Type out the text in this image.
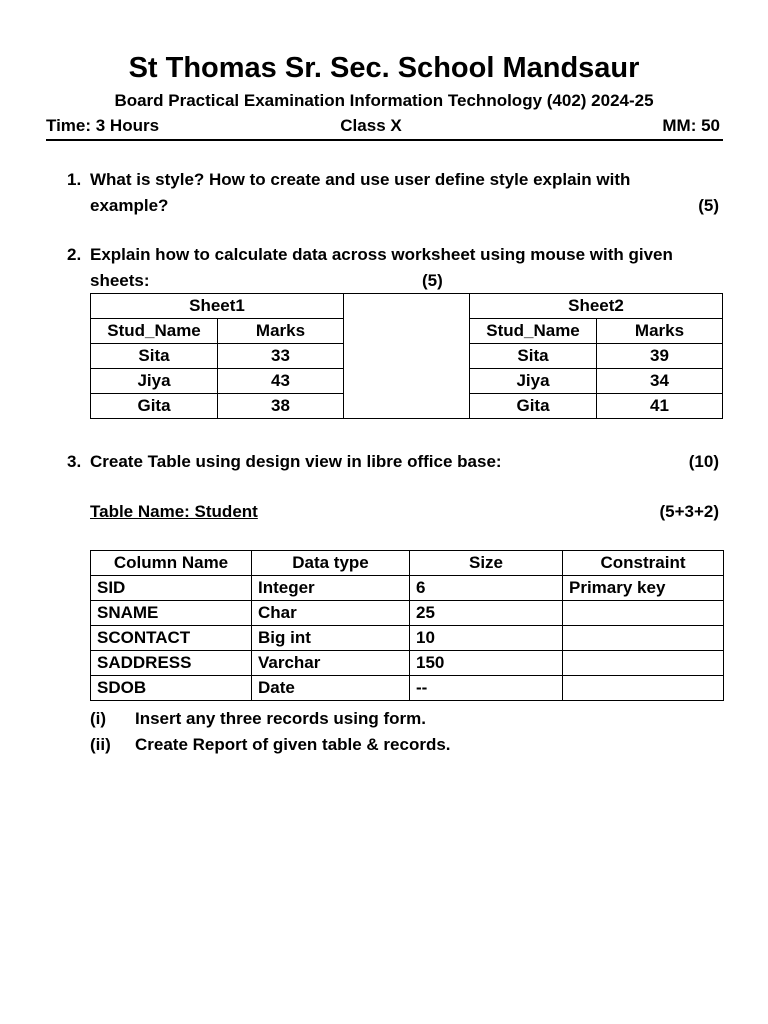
St Thomas Sr. Sec. School Mandsaur
Board Practical Examination Information Technology (402) 2024-25
Time: 3 Hours	Class X	MM: 50
1. What is style? How to create and use user define style explain with
example?	(5)
2. Explain how to calculate data across worksheet using mouse with given
sheets:	(5)
Sheet1			Sheet2	
Stud_Name	Marks		Stud_Name	Marks
Sita	33		Sita	39
Jiya	43		Jiya	34
Gita	38		Gita	41
3. Create Table using design view in libre office base:	(10)
Table Name: Student	(5+3+2)
Column Name	Data type	Size	Constraint
SID	Integer	6	Primary key
SNAME	Char	25	
SCONTACT	Big int	10	
SADDRESS	Varchar	150	
SDOB	Date	--	
(i) Insert any three records using form.
(ii) Create Report of given table & records.
